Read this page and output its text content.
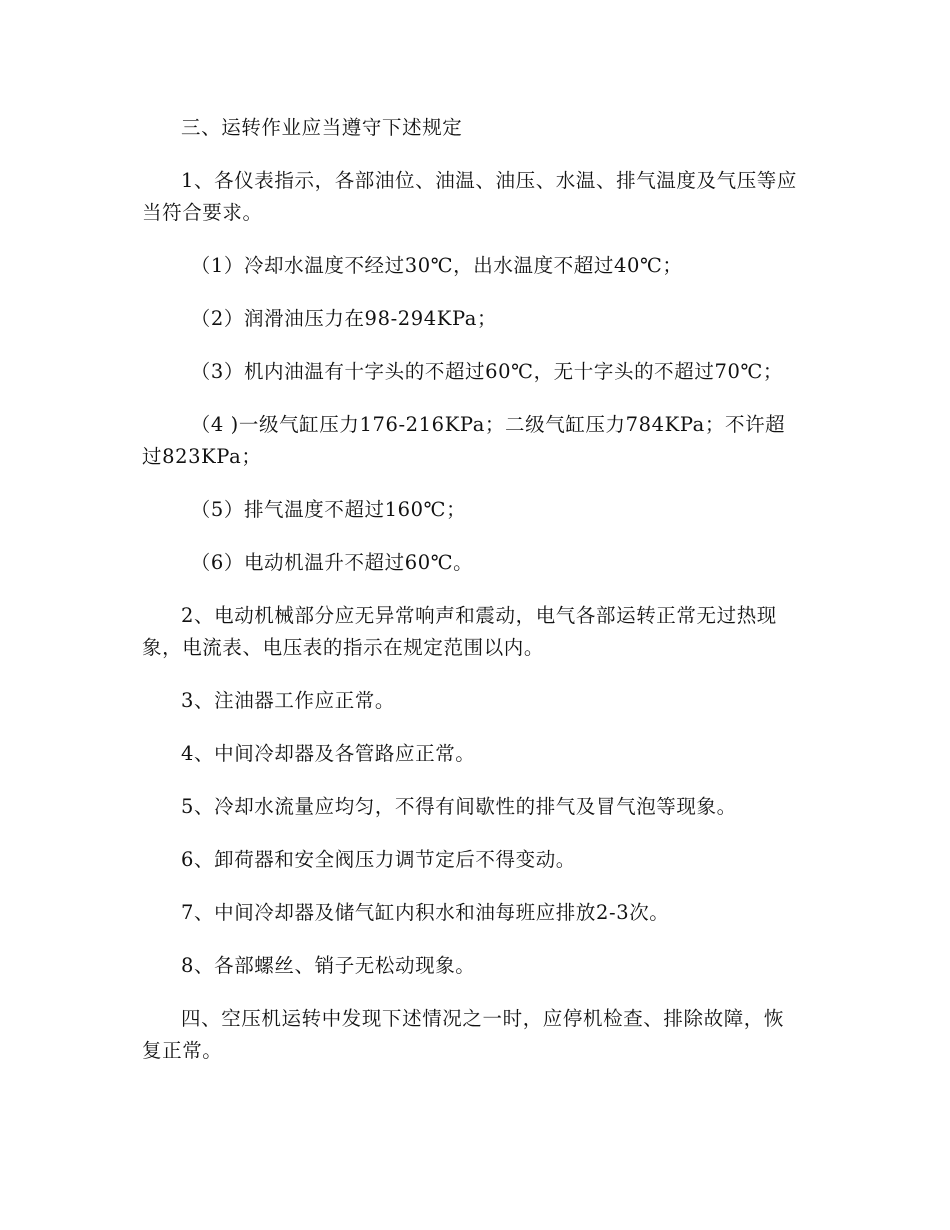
三、运转作业应当遵守下述规定

1、各仪表指示，各部油位、油温、油压、水温、排气温度及气压等应当符合要求。

（1）冷却水温度不经过30℃，出水温度不超过40℃；

（2）润滑油压力在98-294KPa；

（3）机内油温有十字头的不超过60℃，无十字头的不超过70℃；

（4 )一级气缸压力176-216KPa；二级气缸压力784KPa；不许超过823KPa；

（5）排气温度不超过160℃；

（6）电动机温升不超过60℃。

2、电动机械部分应无异常响声和震动，电气各部运转正常无过热现象，电流表、电压表的指示在规定范围以内。

3、注油器工作应正常。

4、中间冷却器及各管路应正常。

5、冷却水流量应均匀，不得有间歇性的排气及冒气泡等现象。

6、卸荷器和安全阀压力调节定后不得变动。

7、中间冷却器及储气缸内积水和油每班应排放2-3次。

8、各部螺丝、销子无松动现象。

四、空压机运转中发现下述情况之一时，应停机检查、排除故障，恢复正常。
